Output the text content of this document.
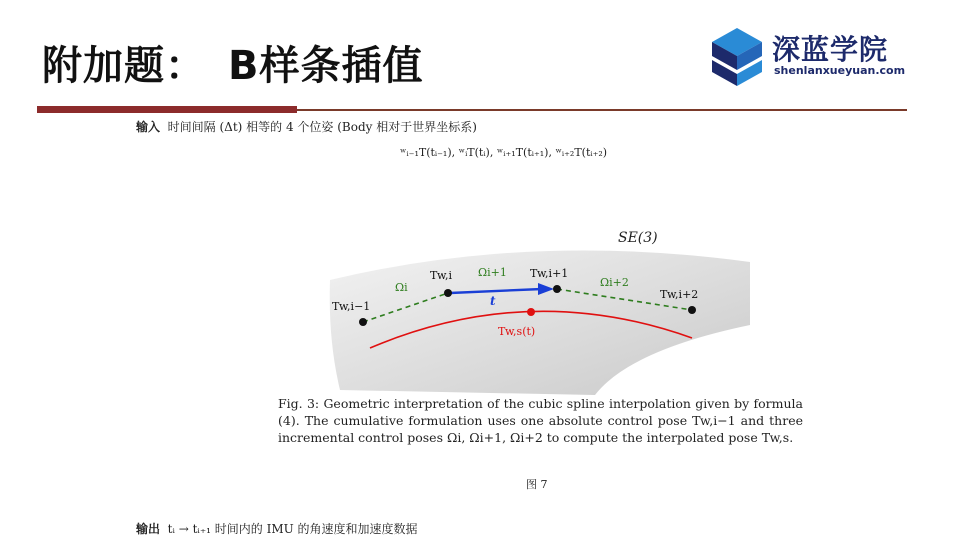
附加题： B样条插值	深蓝学院
shenlanxueyuan.com
输入 时间间隔 (Δt) 相等的 4 个位姿 (Body 相对于世界坐标系)
ʷᵢ₋₁T(tᵢ₋₁), ʷᵢT(tᵢ), ʷᵢ₊₁T(tᵢ₊₁), ʷᵢ₊₂T(tᵢ₊₂)
SE(3)
Tw,i−1
Tw,i	Tw,i+1
Tw,i+2
Ωi
Ωi+1
Ωi+2
t
Tw,s(t)
Fig. 3: Geometric interpretation of the cubic spline interpolation given by formula (4). The cumulative formulation uses one absolute control pose Tw,i−1 and three incremental control poses Ωi, Ωi+1, Ωi+2 to compute the interpolated pose Tw,s.
图 7
输出 tᵢ → tᵢ₊₁ 时间内的 IMU 的角速度和加速度数据
